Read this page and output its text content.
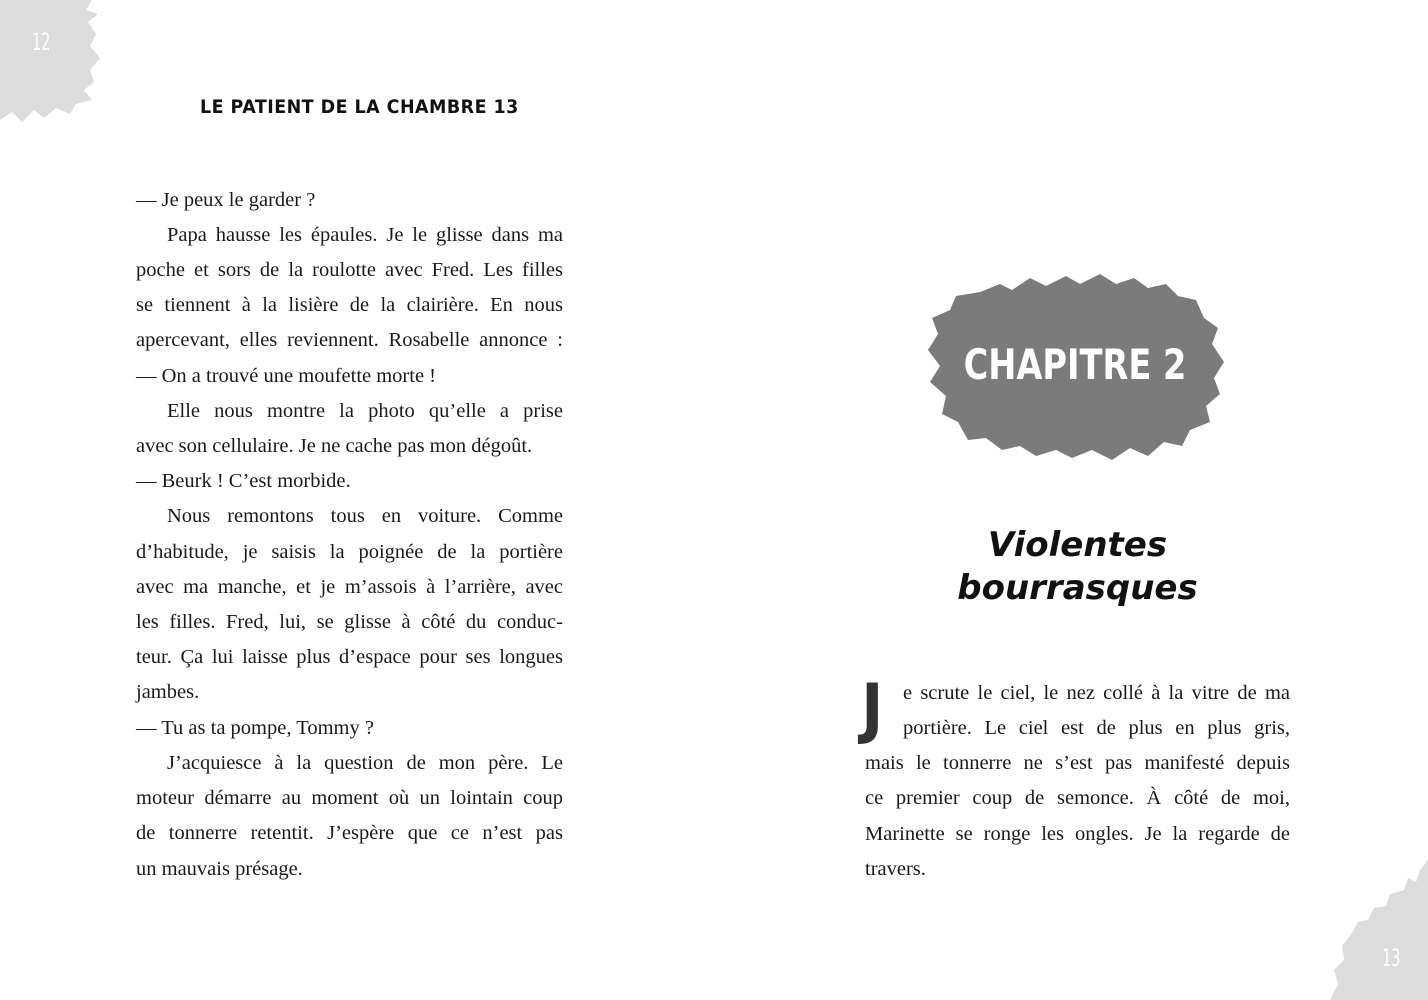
12
13
LE PATIENT DE LA CHAMBRE 13
— Je peux le garder ?
Papa hausse les épaules. Je le glisse dans ma
poche et sors de la roulotte avec Fred. Les filles
se tiennent à la lisière de la clairière. En nous
apercevant, elles reviennent. Rosabelle annonce :
— On a trouvé une moufette morte !
Elle nous montre la photo qu’elle a prise
avec son cellulaire. Je ne cache pas mon dégoût.
— Beurk ! C’est morbide.
Nous remontons tous en voiture. Comme
d’habitude, je saisis la poignée de la portière
avec ma manche, et je m’assois à l’arrière, avec
les filles. Fred, lui, se glisse à côté du conduc-
teur. Ça lui laisse plus d’espace pour ses longues
jambes.
— Tu as ta pompe, Tommy ?
J’acquiesce à la question de mon père. Le
moteur démarre au moment où un lointain coup
de tonnerre retentit. J’espère que ce n’est pas
un mauvais présage.
CHAPITRE 2
Violentes
bourrasques
J e scrute le ciel, le nez collé à la vitre de ma
portière. Le ciel est de plus en plus gris,
mais le tonnerre ne s’est pas manifesté depuis
ce premier coup de semonce. À côté de moi,
Marinette se ronge les ongles. Je la regarde de
travers.
